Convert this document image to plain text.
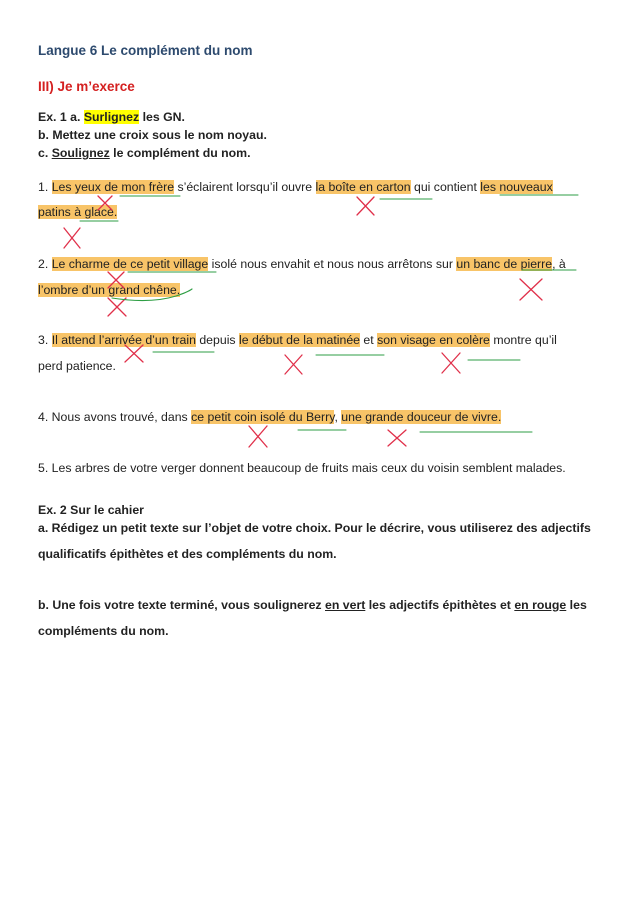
Langue 6 Le complément du nom
III) Je m’exerce
Ex. 1 a. Surlignez les GN.
b. Mettez une croix sous le nom noyau.
c. Soulignez le complément du nom.
1. Les yeux de mon frère s’éclairent lorsqu’il ouvre la boîte en carton qui contient les nouveaux
patins à glace.
2. Le charme de ce petit village isolé nous envahit et nous nous arrêtons sur un banc de pierre, à
l’ombre d’un grand chêne.
3. Il attend l’arrivée d’un train depuis le début de la matinée et son visage en colère montre qu’il
perd patience.
4. Nous avons trouvé, dans ce petit coin isolé du Berry, une grande douceur de vivre.
5. Les arbres de votre verger donnent beaucoup de fruits mais ceux du voisin semblent malades.
Ex. 2 Sur le cahier
a. Rédigez un petit texte sur l’objet de votre choix. Pour le décrire, vous utiliserez des adjectifs
qualificatifs épithètes et des compléments du nom.
b. Une fois votre texte terminé, vous soulignerez en vert les adjectifs épithètes et en rouge les
compléments du nom.
